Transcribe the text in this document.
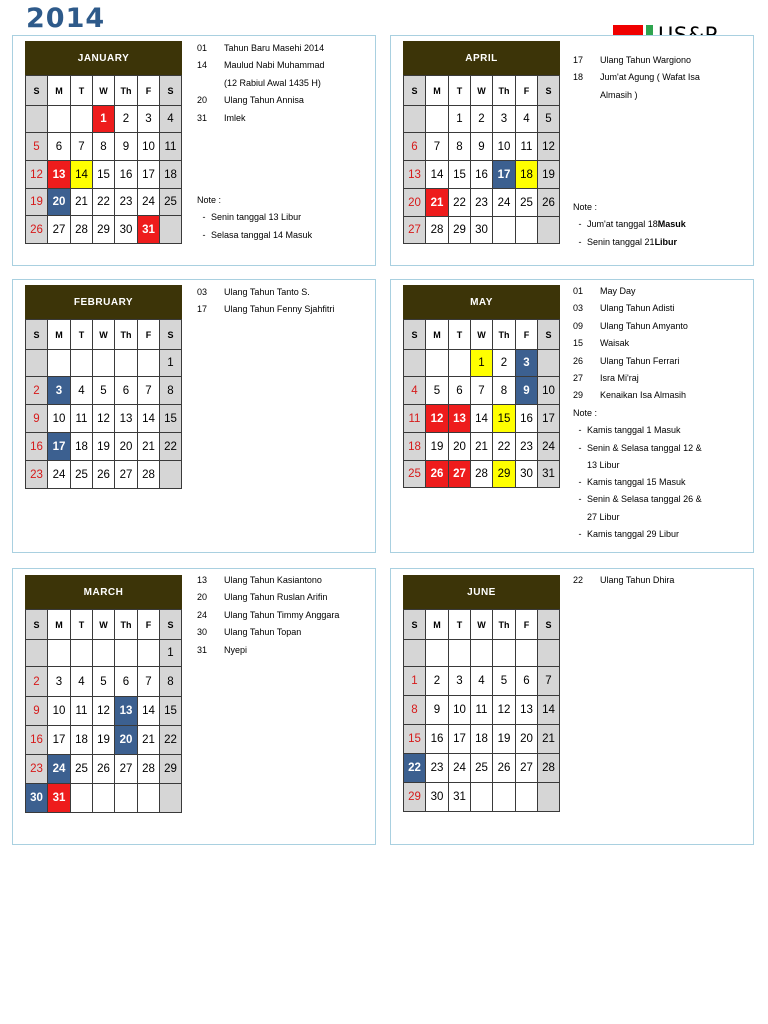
2014
JANUARY
S	M	T	W	Th	F	S
			1	2	3	4
5	6	7	8	9	10	11
12	13	14	15	16	17	18
19	20	21	22	23	24	25
26	27	28	29	30	31	
01	Tahun Baru Masehi 2014
14	Maulud Nabi Muhammad
(12 Rabiul Awal 1435 H)
20	Ulang Tahun Annisa
31	Imlek
Note :
- Senin tanggal 13 Libur
- Selasa tanggal 14 Masuk
APRIL
S	M	T	W	Th	F	S
		1	2	3	4	5
6	7	8	9	10	11	12
13	14	15	16	17	18	19
20	21	22	23	24	25	26
27	28	29	30			
17	Ulang Tahun Wargiono
18	Jum'at Agung ( Wafat Isa
Almasih )
Note :
- Jum'at tanggal 18 Masuk
- Senin tanggal 21 Libur
FEBRUARY
S	M	T	W	Th	F	S
						1
2	3	4	5	6	7	8
9	10	11	12	13	14	15
16	17	18	19	20	21	22
23	24	25	26	27	28	
03	Ulang Tahun Tanto S.
17	Ulang Tahun Fenny Sjahfitri
MAY
S	M	T	W	Th	F	S
			1	2	3	
4	5	6	7	8	9	10
11	12	13	14	15	16	17
18	19	20	21	22	23	24
25	26	27	28	29	30	31
01	May Day
03	Ulang Tahun Adisti
09	Ulang Tahun Amyanto
15	Waisak
26	Ulang Tahun Ferrari
27	Isra Mi'raj
29	Kenaikan Isa Almasih
Note :
- Kamis tanggal 1 Masuk
- Senin & Selasa tanggal 12 &
13 Libur
- Kamis tanggal 15 Masuk
- Senin & Selasa tanggal 26 &
27 Libur
- Kamis tanggal 29 Libur
MARCH
S	M	T	W	Th	F	S
						1
2	3	4	5	6	7	8
9	10	11	12	13	14	15
16	17	18	19	20	21	22
23	24	25	26	27	28	29
30	31					
13	Ulang Tahun Kasiantono
20	Ulang Tahun Ruslan Arifin
24	Ulang Tahun Timmy Anggara
30	Ulang Tahun Topan
31	Nyepi
JUNE
S	M	T	W	Th	F	S

1	2	3	4	5	6	7
8	9	10	11	12	13	14
15	16	17	18	19	20	21
22	23	24	25	26	27	28
29	30	31				
22	Ulang Tahun Dhira
